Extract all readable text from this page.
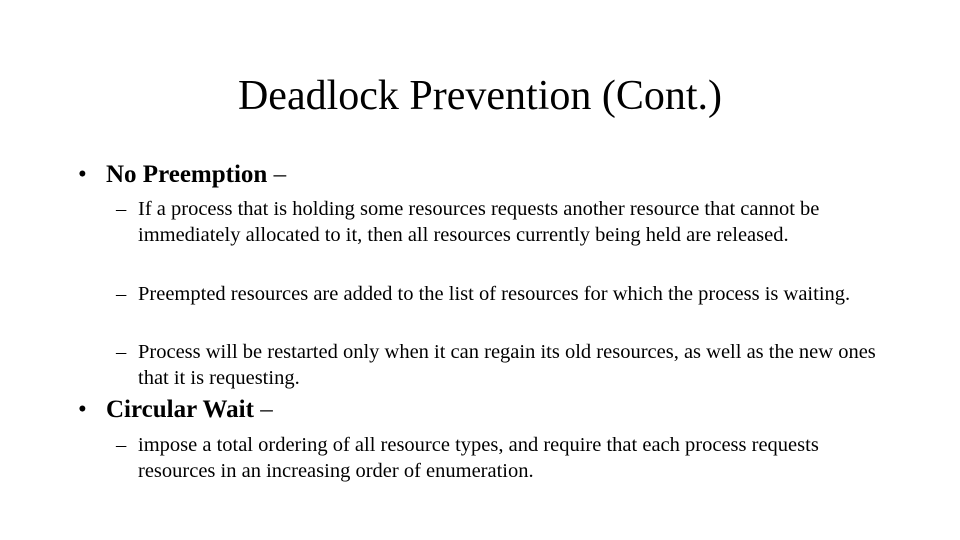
Deadlock Prevention (Cont.)
• No Preemption –
– If a process that is holding some resources requests another resource that cannot be immediately allocated to it, then all resources currently being held are released.
– Preempted resources are added to the list of resources for which the process is waiting.
– Process will be restarted only when it can regain its old resources, as well as the new ones that it is requesting.
• Circular Wait –
– impose a total ordering of all resource types, and require that each process requests resources in an increasing order of enumeration.
